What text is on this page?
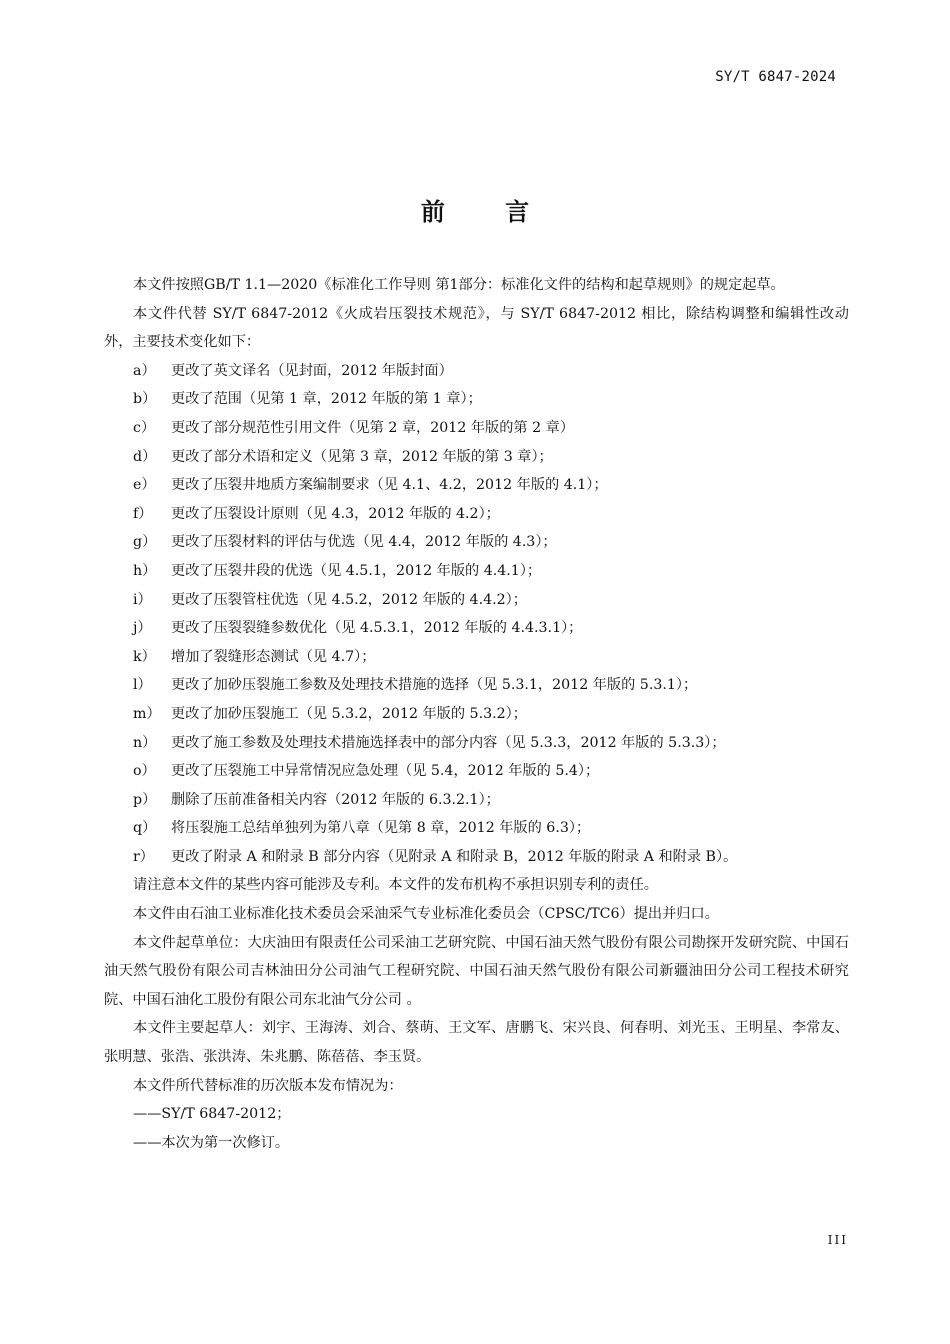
SY/T 6847-2024
前 言

本文件按照GB/T 1.1—2020《标准化工作导则 第1部分：标准化文件的结构和起草规则》的规定起草。

本文件代替 SY/T 6847-2012《火成岩压裂技术规范》，与 SY/T 6847-2012 相比，除结构调整和编辑性改动外，主要技术变化如下：

a） 更改了英文译名（见封面，2012 年版封面）
b） 更改了范围（见第 1 章，2012 年版的第 1 章）；
c） 更改了部分规范性引用文件（见第 2 章，2012 年版的第 2 章）
d） 更改了部分术语和定义（见第 3 章，2012 年版的第 3 章）；
e） 更改了压裂井地质方案编制要求（见 4.1、4.2，2012 年版的 4.1）；
f） 更改了压裂设计原则（见 4.3，2012 年版的 4.2）；
g） 更改了压裂材料的评估与优选（见 4.4，2012 年版的 4.3）；
h） 更改了压裂井段的优选（见 4.5.1，2012 年版的 4.4.1）；
i） 更改了压裂管柱优选（见 4.5.2，2012 年版的 4.4.2）；
j） 更改了压裂裂缝参数优化（见 4.5.3.1，2012 年版的 4.4.3.1）；
k） 增加了裂缝形态测试（见 4.7）；
l） 更改了加砂压裂施工参数及处理技术措施的选择（见 5.3.1，2012 年版的 5.3.1）；
m） 更改了加砂压裂施工（见 5.3.2，2012 年版的 5.3.2）；
n） 更改了施工参数及处理技术措施选择表中的部分内容（见 5.3.3，2012 年版的 5.3.3）；
o） 更改了压裂施工中异常情况应急处理（见 5.4，2012 年版的 5.4）；
p） 删除了压前准备相关内容（2012 年版的 6.3.2.1）；
q） 将压裂施工总结单独列为第八章（见第 8 章，2012 年版的 6.3）；
r） 更改了附录 A 和附录 B 部分内容（见附录 A 和附录 B，2012 年版的附录 A 和附录 B）。

请注意本文件的某些内容可能涉及专利。本文件的发布机构不承担识别专利的责任。

本文件由石油工业标准化技术委员会采油采气专业标准化委员会（CPSC/TC6）提出并归口。

本文件起草单位：大庆油田有限责任公司采油工艺研究院、中国石油天然气股份有限公司勘探开发研究院、中国石油天然气股份有限公司吉林油田分公司油气工程研究院、中国石油天然气股份有限公司新疆油田分公司工程技术研究院、中国石油化工股份有限公司东北油气分公司 。

本文件主要起草人：刘宇、王海涛、刘合、蔡萌、王文军、唐鹏飞、宋兴良、何春明、刘光玉、王明星、李常友、张明慧、张浩、张洪涛、朱兆鹏、陈蓓蓓、李玉贤。

本文件所代替标准的历次版本发布情况为：

——SY/T 6847-2012；

——本次为第一次修订。

III
